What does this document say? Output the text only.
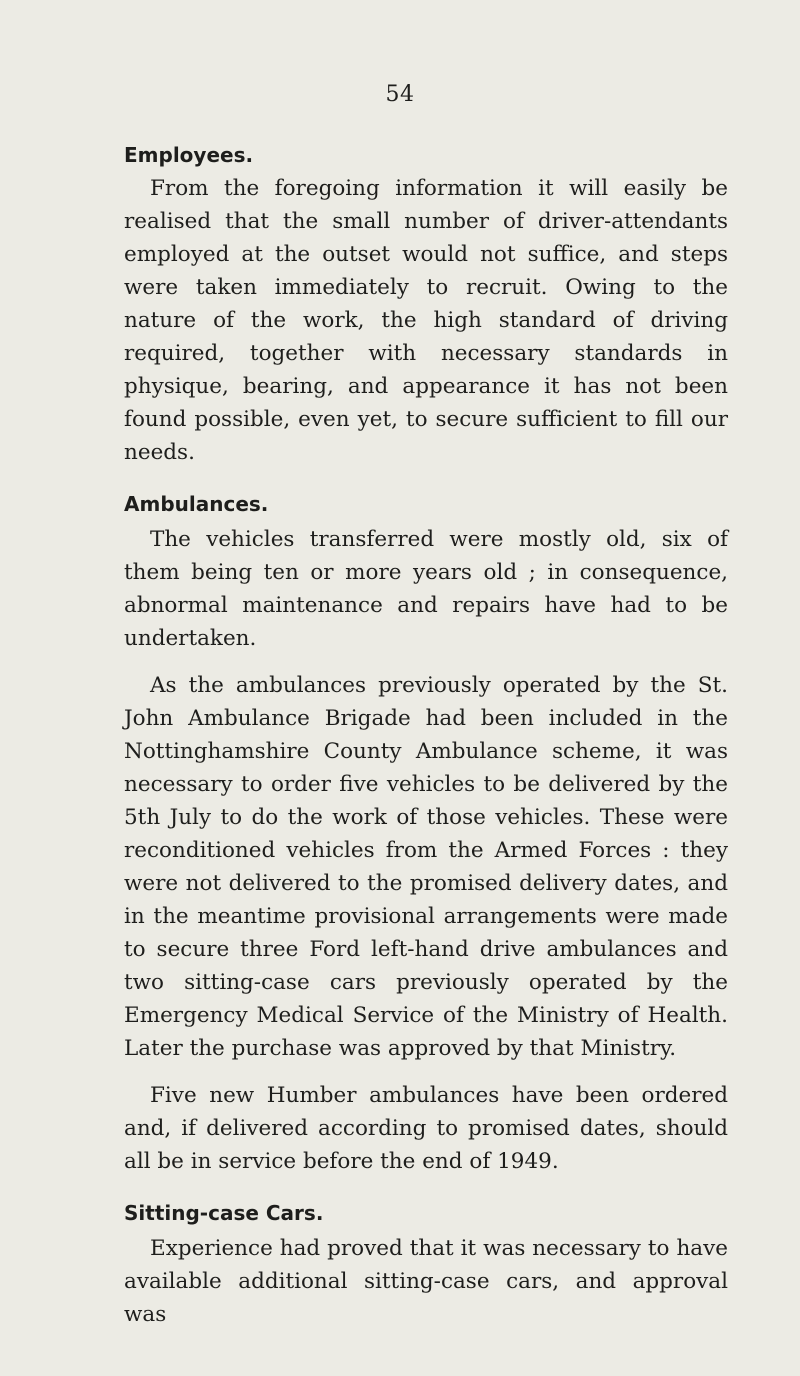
54
Employees.

From the foregoing information it will easily be realised that the small number of driver-attendants employed at the outset would not suffice, and steps were taken immediately to recruit. Owing to the nature of the work, the high standard of driving required, together with necessary standards in physique, bearing, and appearance it has not been found possible, even yet, to secure sufficient to fill our needs.

Ambulances.

The vehicles transferred were mostly old, six of them being ten or more years old ; in consequence, abnormal maintenance and repairs have had to be undertaken.

As the ambulances previously operated by the St. John Ambulance Brigade had been included in the Nottinghamshire County Ambulance scheme, it was necessary to order five vehicles to be delivered by the 5th July to do the work of those vehicles. These were reconditioned vehicles from the Armed Forces : they were not delivered to the promised delivery dates, and in the meantime provisional arrangements were made to secure three Ford left-hand drive ambulances and two sitting-case cars previously operated by the Emergency Medical Service of the Ministry of Health. Later the purchase was approved by that Ministry.

Five new Humber ambulances have been ordered and, if delivered according to promised dates, should all be in service before the end of 1949.

Sitting-case Cars.

Experience had proved that it was necessary to have available additional sitting-case cars, and approval was
